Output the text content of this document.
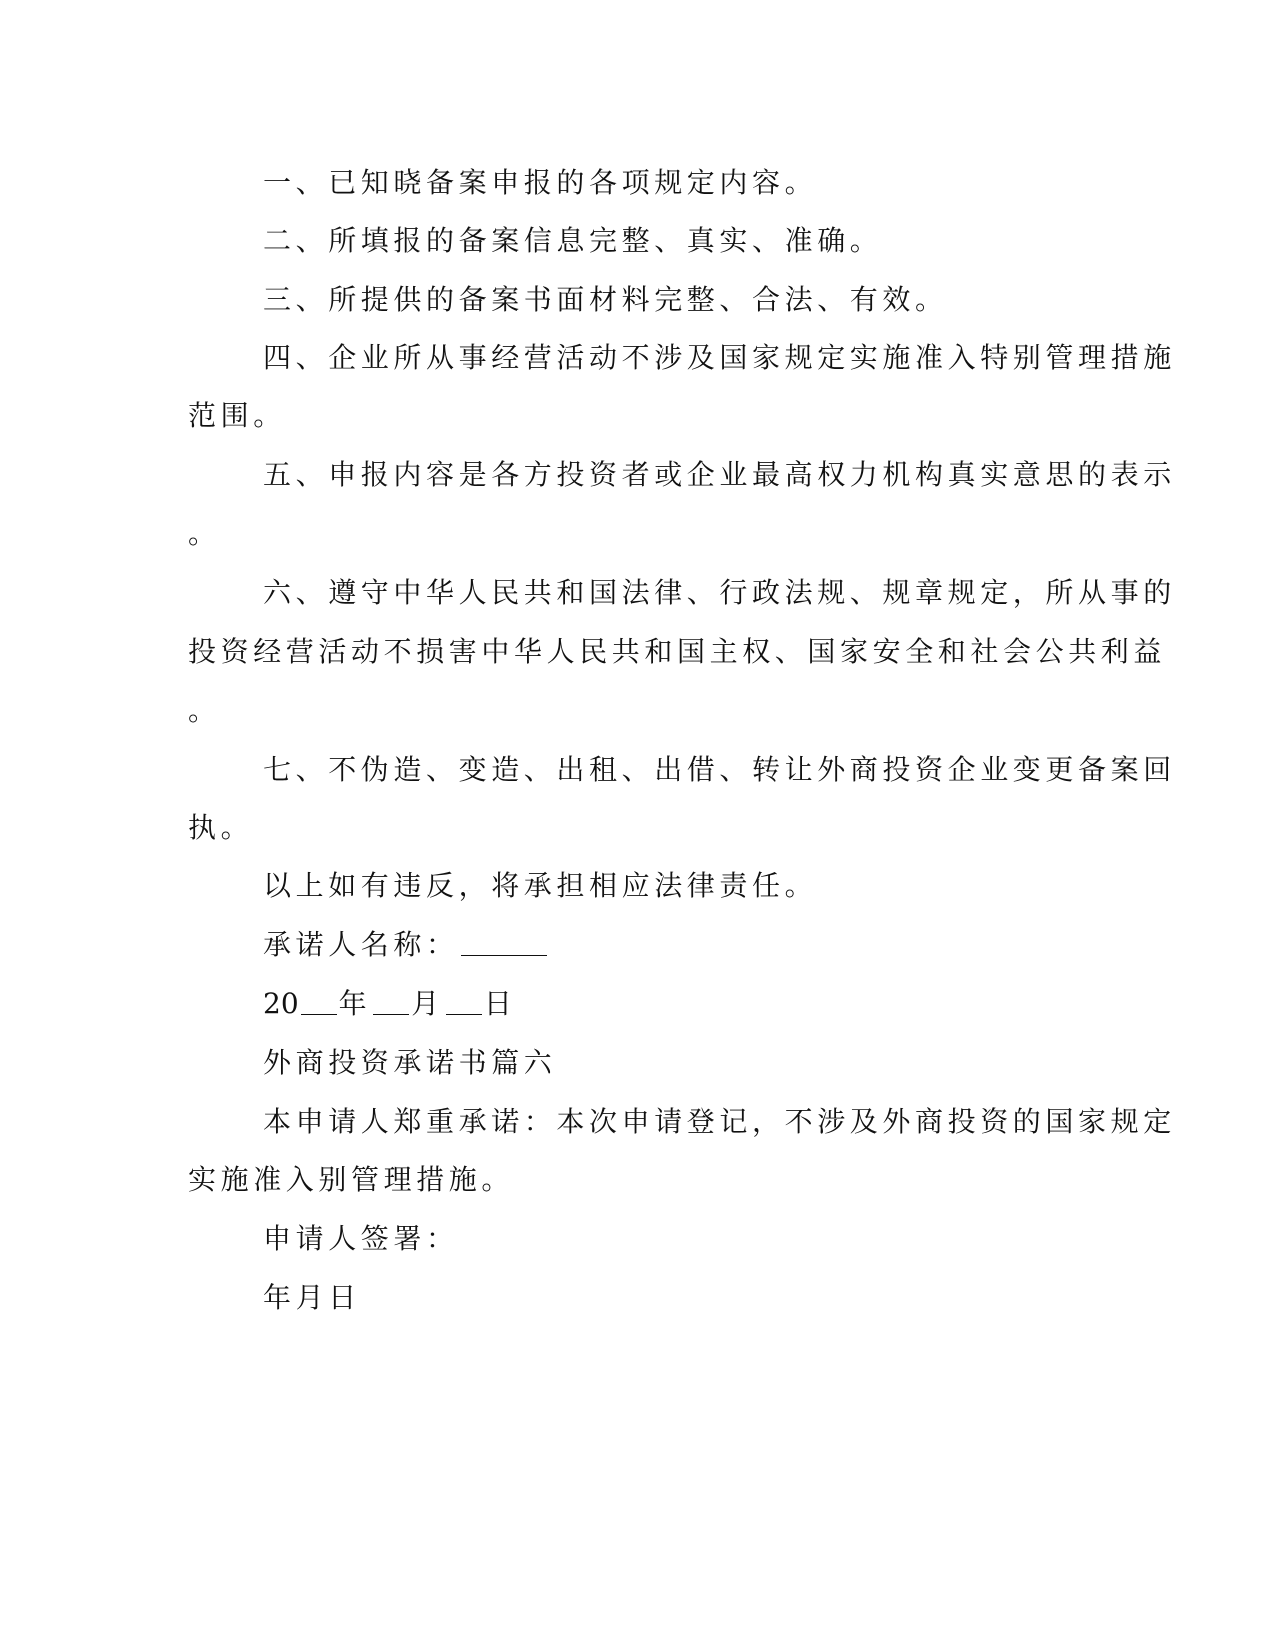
一、已知晓备案申报的各项规定内容。
二、所填报的备案信息完整、真实、准确。
三、所提供的备案书面材料完整、合法、有效。
四、企业所从事经营活动不涉及国家规定实施准入特别管理措施
范围。
五、申报内容是各方投资者或企业最高权力机构真实意思的表示
。
六、遵守中华人民共和国法律、行政法规、规章规定，所从事的
投资经营活动不损害中华人民共和国主权、国家安全和社会公共利益
。
七、不伪造、变造、出租、出借、转让外商投资企业变更备案回
执。
以上如有违反，将承担相应法律责任。
承诺人名称：
20 年 月 日
外商投资承诺书篇六
本申请人郑重承诺：本次申请登记，不涉及外商投资的国家规定
实施准入别管理措施。
申请人签署：
年月日
